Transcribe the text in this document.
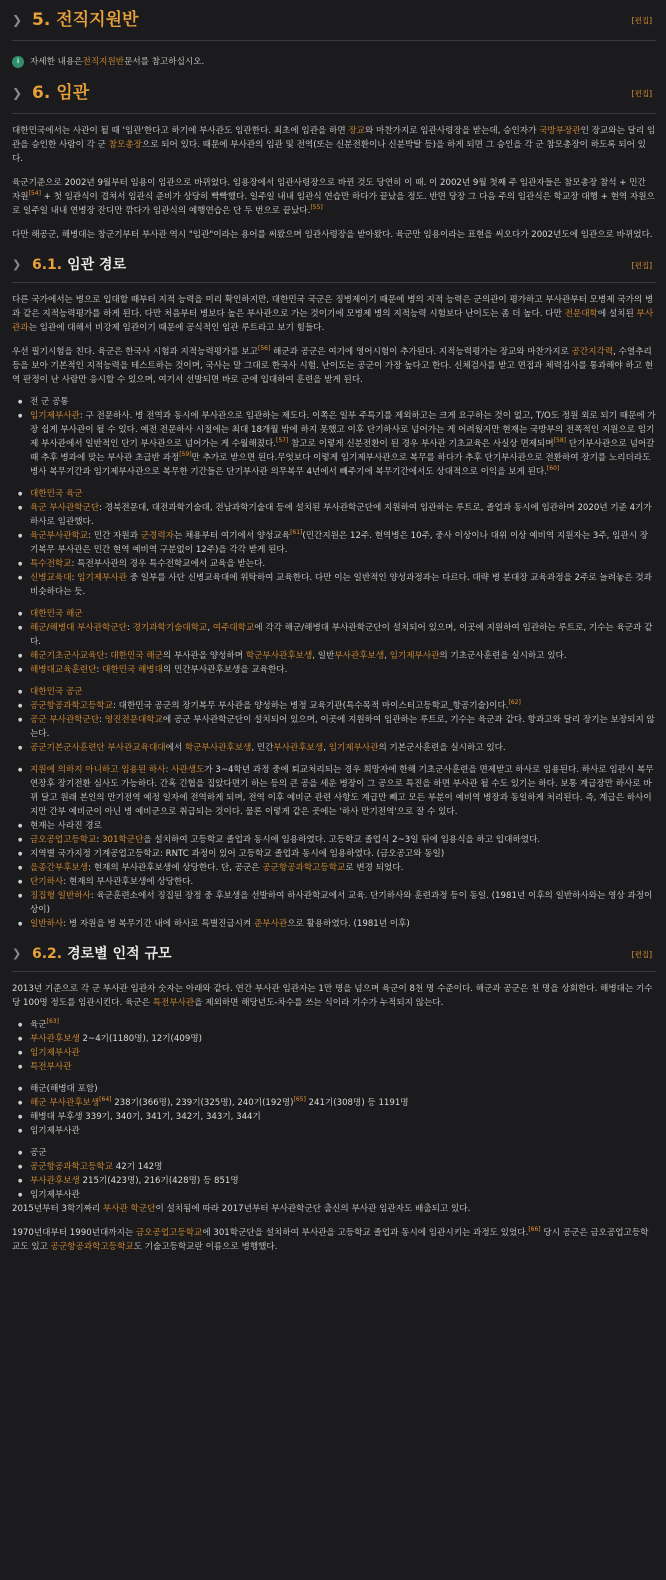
❯ 5. 전직지원반	[편집]
i	자세한 내용은 전직지원반 문서를 참고하십시오.
❯ 6. 임관	[편집]

대한민국에서는 사관이 될 때 '임관'한다고 하기에 부사관도 임관한다. 최초에 임관을 하면 장교와 마찬가지로 임관사령장을 받는데, 승인자가 국방부장관인 장교와는 달리 임관을 승인한 사람이 각 군 참모총장으로 되어 있다. 때문에 부사관의 임관 및 전역(또는 신분전환이나 신분박탈 등)을 하게 되면 그 승인을 각 군 참모총장이 하도록 되어 있다.

육군기준으로 2002년 9월부터 임용이 임관으로 바뀌었다. 임용장에서 임관사령장으로 바뀐 것도 당연히 이 때. 이 2002년 9월 첫째 주 임관자들은 참모총장 참석 + 민간 자원[54] + 첫 임관식이 겹쳐서 임관식 준비가 상당히 빡빡했다. 일주일 내내 임관식 연습만 하다가 끝났을 정도. 반면 당장 그 다음 주의 임관식은 학교장 대행 + 현역 자원으로 일주일 내내 연병장 잔디만 깎다가 임관식의 예행연습은 단 두 번으로 끝났다.[55]

다만 해공군, 해병대는 창군기부터 부사관 역시 "임관"이라는 용어를 써왔으며 임관사령장을 받아왔다. 육군만 임용이라는 표현을 써오다가 2002년도에 임관으로 바뀌었다.

❯ 6.1. 임관 경로	[편집]

다른 국가에서는 병으로 입대할 때부터 지적 능력을 미리 확인하지만, 대한민국 국군은 징병제이기 때문에 병의 지적 능력은 군의관이 평가하고 부사관부터 모병제 국가의 병과 같은 지적능력평가를 하게 된다. 다만 처음부터 병보다 높은 부사관으로 가는 것이기에 모병제 병의 지적능력 시험보다 난이도는 좀 더 높다. 다만 전문대학에 설치된 부사관과는 임관에 대해서 비강제 임관이기 때문에 공식적인 임관 루트라고 보기 힘들다.

우선 필기시험을 친다. 육군은 한국사 시험과 지적능력평가를 보고[56] 해군과 공군은 여기에 영어시험이 추가된다. 지적능력평가는 장교와 마찬가지로 공간지각력, 수열추리 등을 보아 기본적인 지적능력을 테스트하는 것이며, 국사는 말 그대로 한국사 시험. 난이도는 공군이 가장 높다고 한다. 신체검사를 받고 면접과 체력검사를 통과해야 하고 현역 판정이 난 사람만 응시할 수 있으며, 여기서 선발되면 바로 군에 입대하여 훈련을 받게 된다.

● 전 군 공통
● 임기제부사관: 구 전문하사. 병 전역과 동시에 부사관으로 임관하는 제도다. 이쪽은 일부 주특기를 제외하고는 크게 요구하는 것이 없고, T/O도 정원 외로 되기 때문에 가장 쉽게 부사관이 될 수 있다. 예전 전문하사 시절에는 최대 18개월 밖에 하지 못했고 이후 단기하사로 넘어가는 게 어려웠지만 현재는 국방부의 전폭적인 지원으로 임기제 부사관에서 일반적인 단기 부사관으로 넘어가는 게 수월해졌다.[57] 참고로 이렇게 신분전환이 된 경우 부사관 기초교육은 사실상 면제되며[58] 단기부사관으로 넘어갈때 추후 병과에 맞는 부사관 초급반 과정[59]만 추가로 받으면 된다.무엇보다 이렇게 임기제부사관으로 복무를 하다가 추후 단기부사관으로 전환하여 장기를 노리더라도 병사 복무기간과 임기제부사관으로 복무한 기간들은 단기부사관 의무복무 4년에서 빼주기에 복무기간에서도 상대적으로 이익을 보게 된다.[60]
● 대한민국 육군
● 육군 부사관학군단: 경북전문대, 대전과학기술대, 전남과학기술대 등에 설치된 부사관학군단에 지원하여 임관하는 루트로, 졸업과 동시에 임관하며 2020년 기준 4기가 하사로 임관했다.
● 육군부사관학교: 민간 자원과 군경력자는 채용부터 여기에서 양성교육[61](민간지원은 12주. 현역병은 10주, 중사 이상이나 대위 이상 예비역 지원자는 3주, 임관시 장기복무 부사관은 민간 현역 예비역 구분없이 12주)을 각각 받게 된다.
● 특수전학교: 특전부사관의 경우 특수전학교에서 교육을 받는다.
● 신병교육대: 임기제부사관 중 일부를 사단 신병교육대에 위탁하여 교육한다. 다만 이는 일반적인 양성과정과는 다르다. 대략 병 분대장 교육과정을 2주로 늘려놓은 것과 비슷하다는 듯.
● 대한민국 해군
● 해군/해병대 부사관학군단: 경기과학기술대학교, 여주대학교에 각각 해군/해병대 부사관학군단이 설치되어 있으며, 이곳에 지원하여 임관하는 루트로, 기수는 육군과 같다.
● 해군기초군사교육단: 대한민국 해군의 부사관을 양성하며 학군부사관후보생, 일반부사관후보생, 임기제부사관의 기초군사훈련을 실시하고 있다.
● 해병대교육훈련단: 대한민국 해병대의 민간부사관후보생을 교육한다.
● 대한민국 공군
● 공군항공과학고등학교: 대한민국 공군의 장기복무 부사관을 양성하는 병정 교육기관(특수목적 마이스터고등학교_항공기술)이다.[62]
● 공군 부사관학군단: 영진전문대학교에 공군 부사관학군단이 설치되어 있으며, 이곳에 지원하여 임관하는 루트로, 기수는 육군과 같다. 항과고와 달리 장기는 보장되지 않는다.
● 공군기본군사훈련단 부사관교육대대에서 학군부사관후보생, 민간부사관후보생, 임기제부사관의 기본군사훈련을 실시하고 있다.
● 지원에 의하지 아니하고 임용된 하사: 사관생도가 3~4학년 과정 중에 퇴교처리되는 경우 희망자에 한해 기초군사훈련을 면제받고 하사로 임용된다. 하사로 임관시 복무연장후 장기전환 심사도 가능하다. 간혹 긴협을 집았다면기 하는 등의 큰 공을 세운 병장이 그 공으로 특진을 하면 부사관 될 수도 있기는 하다. 보통 계급장만 하사로 바뀌 달고 원래 본인의 만기전역 예정 일자에 전역하게 되며, 전역 이후 예비군 관련 사항도 계급만 빼고 모든 부분이 예비역 병장과 동일하게 처리된다. 즉, 계급은 하사이지만 간부 예비군이 아닌 병 예비군으로 취급되는 것이다. 물론 이렇게 같은 곳에는 '하사 만기전역'으로 잘 수 있다.
● 현재는 사라진 경로
● 금오공업고등학교: 301학군단을 설치하여 고등학교 졸업과 동시에 임용하였다. 고등학교 졸업식 2~3일 뒤에 임용식을 하고 입대하였다.
● 지역별 국가지정 기계공업고등학교: RNTC 과정이 있어 고등학교 졸업과 동시에 임용하였다. (금오공고와 동일)
● 을종간부후보생: 현재의 부사관후보생에 상당한다. 단, 공군은 공군항공과학고등학교로 변경 되었다.
● 단기하사: 현재의 부사관후보생에 상당한다.
● 징집형 일반하사: 육군훈련소에서 징집된 장정 중 후보생을 선발하여 하사관학교에서 교육. 단기하사와 훈련과정 등이 동일. (1981년 이후의 일반하사와는 영상 과정이 상이)
● 일반하사: 병 자원을 병 복무기간 내에 하사로 특별진급시켜 준부사관으로 활용하였다. (1981년 이후)
❯ 6.2. 경로별 인적 규모	[편집]

2013년 기준으로 각 군 부사관 임관자 숫자는 아래와 같다. 연간 부사관 임관자는 1만 명을 넘으며 육군이 8천 명 수준이다. 해군과 공군은 천 명을 상회한다. 해병대는 기수당 100명 정도를 임관시킨다. 육군은 특전부사관을 제외하면 해당년도-차수를 쓰는 식이라 기수가 누적되지 않는다.

● 육군[63]
● 부사관후보생 2~4기(1180명), 12기(409명)
● 임기제부사관
● 특전부사관
● 해군(해병대 포함)
● 해군 부사관후보생[64] 238기(366명), 239기(325명), 240기(192명)[65] 241기(308명) 등 1191명
● 해병대 부후생 339기, 340기, 341기, 342기, 343기, 344기
● 임기제부사관
● 공군
● 공군항공과학고등학교 42기 142명
● 부사관후보생 215기(423명), 216기(428명) 등 851명
● 임기제부사관

2015년부터 3학기짜리 부사관 학군단이 설치됨에 따라 2017년부터 부사관학군단 출신의 부사관 임관자도 배출되고 있다.

1970년대부터 1990년대까지는 금오공업고등학교에 301학군단을 설치하여 부사관을 고등학교 졸업과 동시에 임관시키는 과정도 있었다.[66] 당시 공군은 금오공업고등학교도 있고 공군항공과학고등학교도 기술고등학교란 이름으로 병행했다.
